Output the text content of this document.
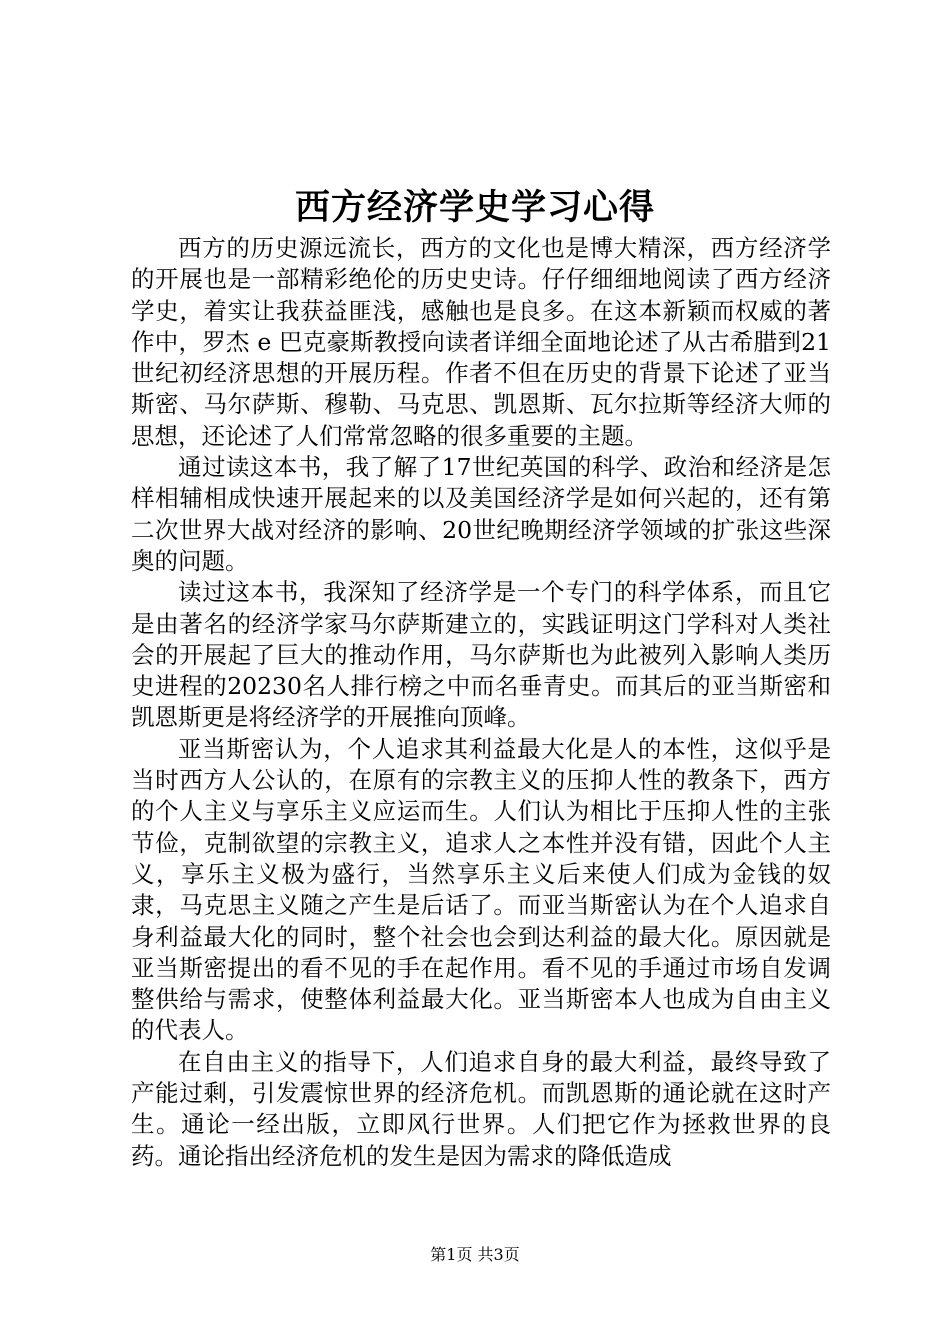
西方经济学史学习心得

西方的历史源远流长，西方的文化也是博大精深，西方经济学的开展也是一部精彩绝伦的历史史诗。仔仔细细地阅读了西方经济学史，着实让我获益匪浅，感触也是良多。在这本新颖而权威的著作中，罗杰 e 巴克豪斯教授向读者详细全面地论述了从古希腊到21世纪初经济思想的开展历程。作者不但在历史的背景下论述了亚当斯密、马尔萨斯、穆勒、马克思、凯恩斯、瓦尔拉斯等经济大师的思想，还论述了人们常常忽略的很多重要的主题。

通过读这本书，我了解了17世纪英国的科学、政治和经济是怎样相辅相成快速开展起来的以及美国经济学是如何兴起的，还有第二次世界大战对经济的影响、20世纪晚期经济学领域的扩张这些深奥的问题。

读过这本书，我深知了经济学是一个专门的科学体系，而且它是由著名的经济学家马尔萨斯建立的，实践证明这门学科对人类社会的开展起了巨大的推动作用，马尔萨斯也为此被列入影响人类历史进程的20230名人排行榜之中而名垂青史。而其后的亚当斯密和凯恩斯更是将经济学的开展推向顶峰。

亚当斯密认为，个人追求其利益最大化是人的本性，这似乎是当时西方人公认的，在原有的宗教主义的压抑人性的教条下，西方的个人主义与享乐主义应运而生。人们认为相比于压抑人性的主张节俭，克制欲望的宗教主义，追求人之本性并没有错，因此个人主义，享乐主义极为盛行，当然享乐主义后来使人们成为金钱的奴隶，马克思主义随之产生是后话了。而亚当斯密认为在个人追求自身利益最大化的同时，整个社会也会到达利益的最大化。原因就是亚当斯密提出的看不见的手在起作用。看不见的手通过市场自发调整供给与需求，使整体利益最大化。亚当斯密本人也成为自由主义的代表人。

在自由主义的指导下，人们追求自身的最大利益，最终导致了产能过剩，引发震惊世界的经济危机。而凯恩斯的通论就在这时产生。通论一经出版，立即风行世界。人们把它作为拯救世界的良药。通论指出经济危机的发生是因为需求的降低造成

第1页 共3页
